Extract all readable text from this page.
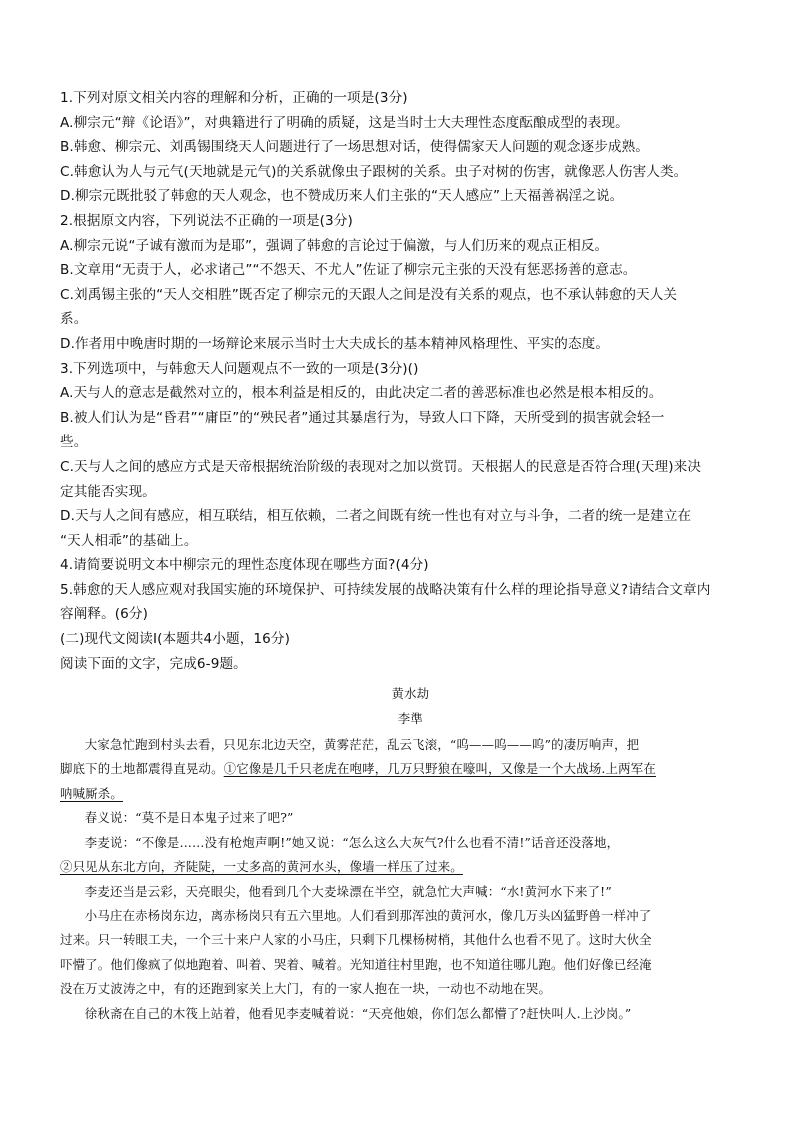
1.下列对原文相关内容的理解和分析，正确的一项是(3分)

A.柳宗元“辩《论语》”，对典籍进行了明确的质疑，这是当时士大夫理性态度酝酿成型的表现。

B.韩愈、柳宗元、刘禹锡围绕天人问题进行了一场思想对话，使得儒家天人问题的观念逐步成熟。

C.韩愈认为人与元气(天地就是元气)的关系就像虫子跟树的关系。虫子对树的伤害，就像恶人伤害人类。

D.柳宗元既批驳了韩愈的天人观念，也不赞成历来人们主张的“天人感应”上天福善祸淫之说。

2.根据原文内容，下列说法不正确的一项是(3分)

A.柳宗元说“子诚有激而为是耶”，强调了韩愈的言论过于偏激，与人们历来的观点正相反。

B.文章用“无责于人，必求诸己”“不怨天、不尤人”佐证了柳宗元主张的天没有惩恶扬善的意志。

C.刘禹锡主张的“天人交相胜”既否定了柳宗元的天跟人之间是没有关系的观点，也不承认韩愈的天人关

系。

D.作者用中晚唐时期的一场辩论来展示当时士大夫成长的基本精神风格理性、平实的态度。

3.下列选项中，与韩愈天人问题观点不一致的一项是(3分)()

A.天与人的意志是截然对立的，根本利益是相反的，由此决定二者的善恶标准也必然是根本相反的。

B.被人们认为是“昏君”“庸臣”的“殃民者”通过其暴虐行为，导致人口下降，天所受到的损害就会轻一

些。

C.天与人之间的感应方式是天帝根据统治阶级的表现对之加以赏罚。天根据人的民意是否符合理(天理)来决

定其能否实现。

D.天与人之间有感应，相互联结，相互依赖，二者之间既有统一性也有对立与斗争，二者的统一是建立在

“天人相乖”的基础上。

4.请简要说明文本中柳宗元的理性态度体现在哪些方面?(4分)

5.韩愈的天人感应观对我国实施的环境保护、可持续发展的战略决策有什么样的理论指导意义?请结合文章内

容阐释。(6分)

(二)现代文阅读Ⅰ(本题共4小题，16分)

阅读下面的文字，完成6-9题。

黄水劫

李準

大家急忙跑到村头去看，只见东北边天空，黄雾茫茫，乱云飞滚，“呜——呜——呜”的凄厉响声，把

脚底下的土地都震得直晃动。①它像是几千只老虎在咆哮，几万只野狼在嚎叫，又像是一个大战场.上两军在

呐喊厮杀。

春义说：“莫不是日本鬼子过来了吧?”

李麦说：“不像是……没有枪炮声啊!”她又说：“怎么这么大灰气?什么也看不清!”话音还没落地，

②只见从东北方向，齐陡陡，一丈多高的黄河水头，像墙一样压了过来。

李麦还当是云彩，天亮眼尖，他看到几个大麦垛漂在半空，就急忙大声喊：“水!黄河水下来了!”

小马庄在赤杨岗东边，离赤杨岗只有五六里地。人们看到那浑浊的黄河水，像几万头凶猛野兽一样冲了

过来。只一转眼工夫，一个三十来户人家的小马庄，只剩下几棵杨树梢，其他什么也看不见了。这时大伙全

吓懵了。他们像疯了似地跑着、叫着、哭着、喊着。光知道往村里跑，也不知道往哪儿跑。他们好像已经淹

没在万丈波涛之中，有的还跑到家关上大门，有的一家人抱在一块，一动也不动地在哭。

徐秋斋在自己的木筏上站着，他看见李麦喊着说：“天亮他娘，你们怎么都懵了?赶快叫人.上沙岗。”
